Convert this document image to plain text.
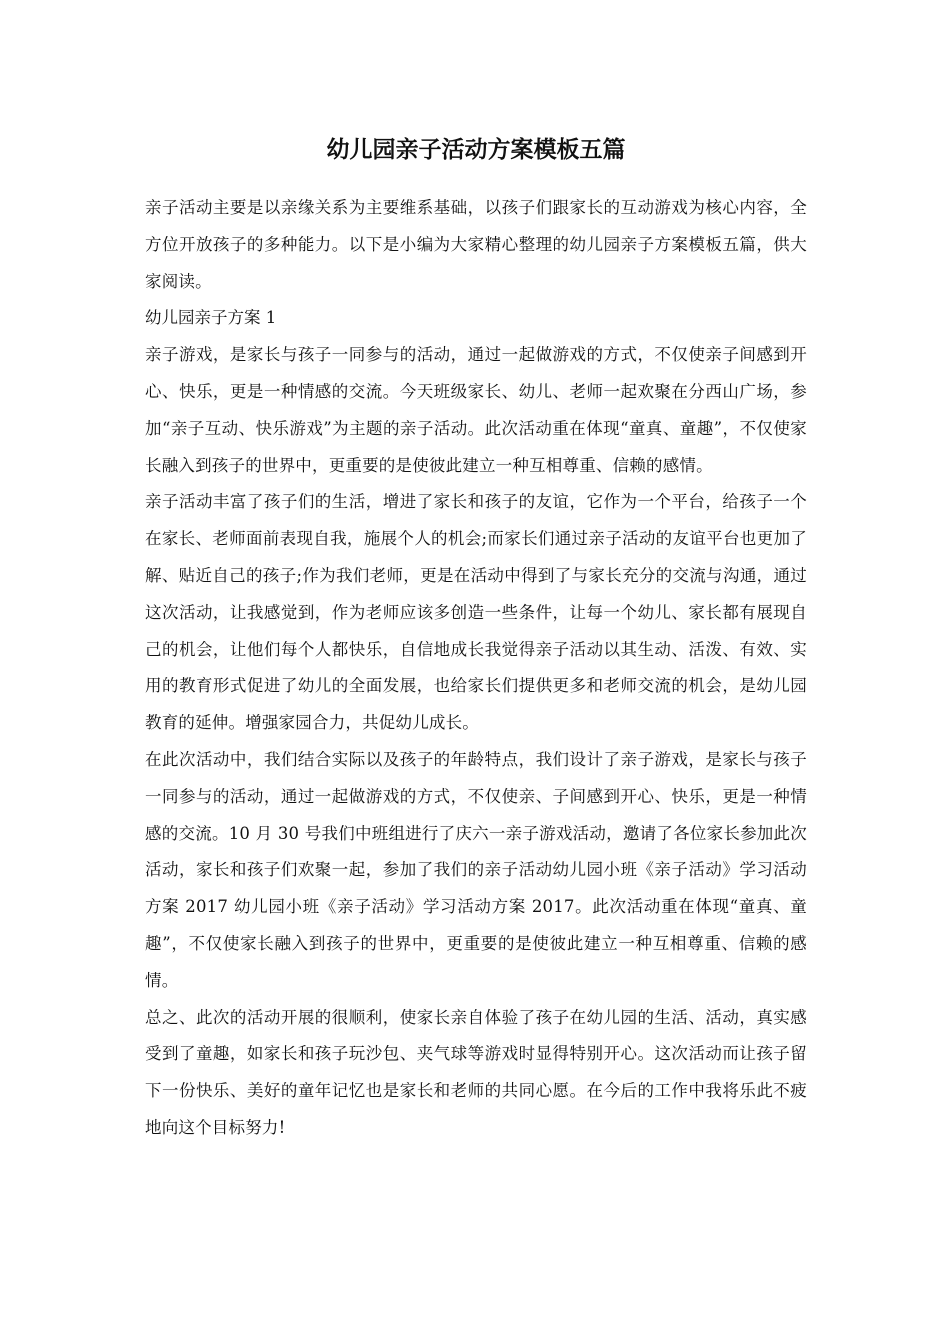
幼儿园亲子活动方案模板五篇

亲子活动主要是以亲缘关系为主要维系基础，以孩子们跟家长的互动游戏为核心内容，全方位开放孩子的多种能力。以下是小编为大家精心整理的幼儿园亲子方案模板五篇，供大家阅读。

幼儿园亲子方案 1

亲子游戏，是家长与孩子一同参与的活动，通过一起做游戏的方式，不仅使亲子间感到开心、快乐，更是一种情感的交流。今天班级家长、幼儿、老师一起欢聚在分西山广场，参加“亲子互动、快乐游戏”为主题的亲子活动。此次活动重在体现“童真、童趣”，不仅使家长融入到孩子的世界中，更重要的是使彼此建立一种互相尊重、信赖的感情。

亲子活动丰富了孩子们的生活，增进了家长和孩子的友谊，它作为一个平台，给孩子一个在家长、老师面前表现自我，施展个人的机会;而家长们通过亲子活动的友谊平台也更加了解、贴近自己的孩子;作为我们老师，更是在活动中得到了与家长充分的交流与沟通，通过这次活动，让我感觉到，作为老师应该多创造一些条件，让每一个幼儿、家长都有展现自己的机会，让他们每个人都快乐，自信地成长我觉得亲子活动以其生动、活泼、有效、实用的教育形式促进了幼儿的全面发展，也给家长们提供更多和老师交流的机会，是幼儿园教育的延伸。增强家园合力，共促幼儿成长。

在此次活动中，我们结合实际以及孩子的年龄特点，我们设计了亲子游戏，是家长与孩子一同参与的活动，通过一起做游戏的方式，不仅使亲、子间感到开心、快乐，更是一种情感的交流。10 月 30 号我们中班组进行了庆六一亲子游戏活动，邀请了各位家长参加此次活动，家长和孩子们欢聚一起，参加了我们的亲子活动幼儿园小班《亲子活动》学习活动方案 2017 幼儿园小班《亲子活动》学习活动方案 2017。此次活动重在体现“童真、童趣”，不仅使家长融入到孩子的世界中，更重要的是使彼此建立一种互相尊重、信赖的感情。

总之、此次的活动开展的很顺利，使家长亲自体验了孩子在幼儿园的生活、活动，真实感受到了童趣，如家长和孩子玩沙包、夹气球等游戏时显得特别开心。这次活动而让孩子留下一份快乐、美好的童年记忆也是家长和老师的共同心愿。在今后的工作中我将乐此不疲地向这个目标努力!
